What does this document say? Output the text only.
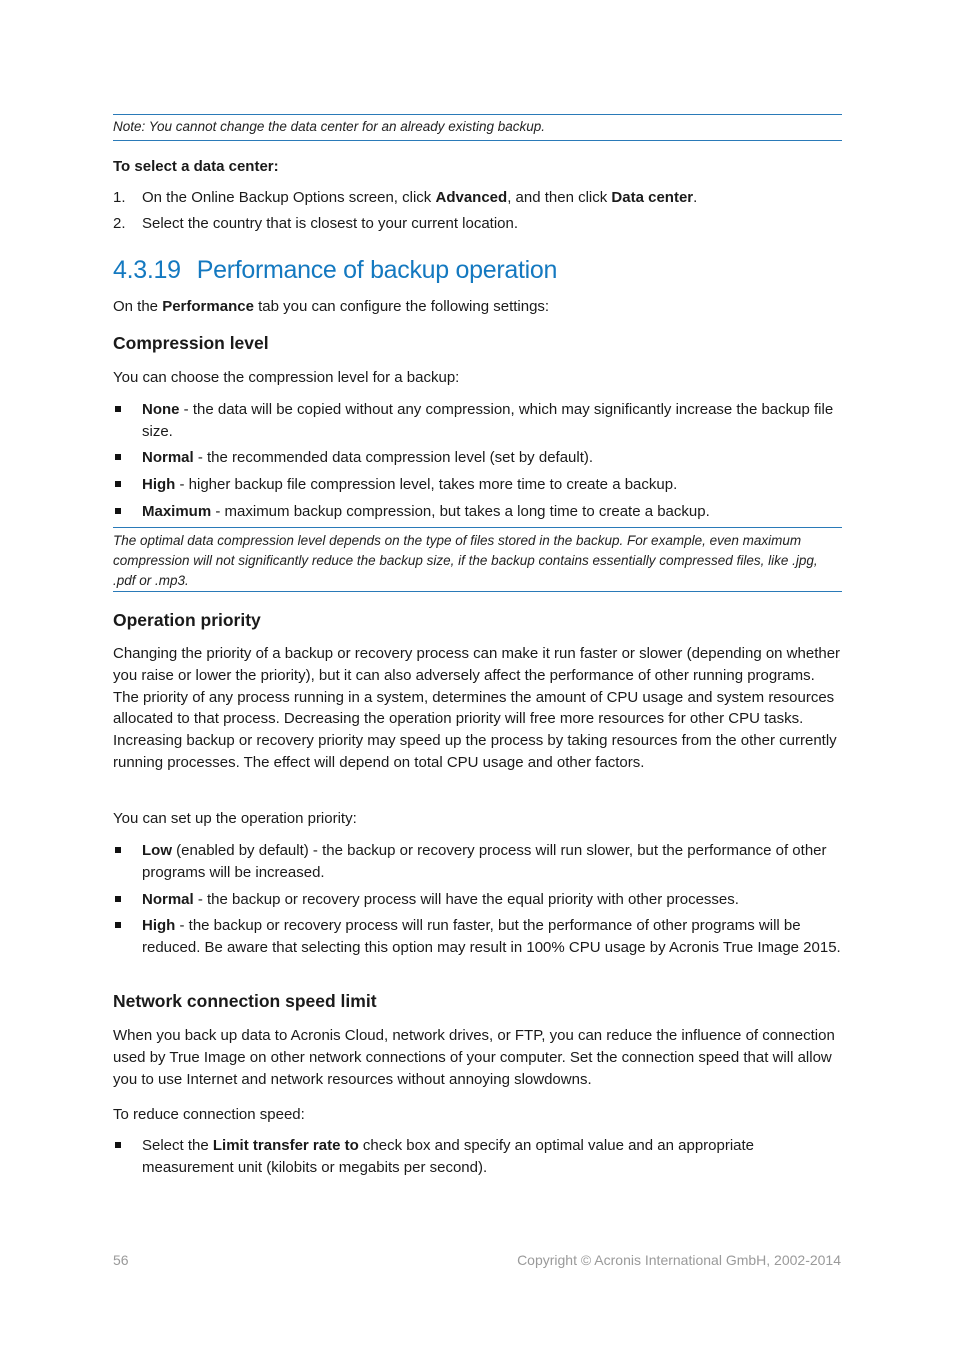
Note: You cannot change the data center for an already existing backup.
To select a data center:
1. On the Online Backup Options screen, click Advanced, and then click Data center.
2. Select the country that is closest to your current location.
4.3.19 Performance of backup operation
On the Performance tab you can configure the following settings:
Compression level
You can choose the compression level for a backup:
None - the data will be copied without any compression, which may significantly increase the backup file size.
Normal - the recommended data compression level (set by default).
High - higher backup file compression level, takes more time to create a backup.
Maximum - maximum backup compression, but takes a long time to create a backup.
The optimal data compression level depends on the type of files stored in the backup. For example, even maximum compression will not significantly reduce the backup size, if the backup contains essentially compressed files, like .jpg, .pdf or .mp3.
Operation priority
Changing the priority of a backup or recovery process can make it run faster or slower (depending on whether you raise or lower the priority), but it can also adversely affect the performance of other running programs. The priority of any process running in a system, determines the amount of CPU usage and system resources allocated to that process. Decreasing the operation priority will free more resources for other CPU tasks. Increasing backup or recovery priority may speed up the process by taking resources from the other currently running processes. The effect will depend on total CPU usage and other factors.
You can set up the operation priority:
Low (enabled by default) - the backup or recovery process will run slower, but the performance of other programs will be increased.
Normal - the backup or recovery process will have the equal priority with other processes.
High - the backup or recovery process will run faster, but the performance of other programs will be reduced. Be aware that selecting this option may result in 100% CPU usage by Acronis True Image 2015.
Network connection speed limit
When you back up data to Acronis Cloud, network drives, or FTP, you can reduce the influence of connection used by True Image on other network connections of your computer. Set the connection speed that will allow you to use Internet and network resources without annoying slowdowns.
To reduce connection speed:
Select the Limit transfer rate to check box and specify an optimal value and an appropriate measurement unit (kilobits or megabits per second).
56	Copyright © Acronis International GmbH, 2002-2014
